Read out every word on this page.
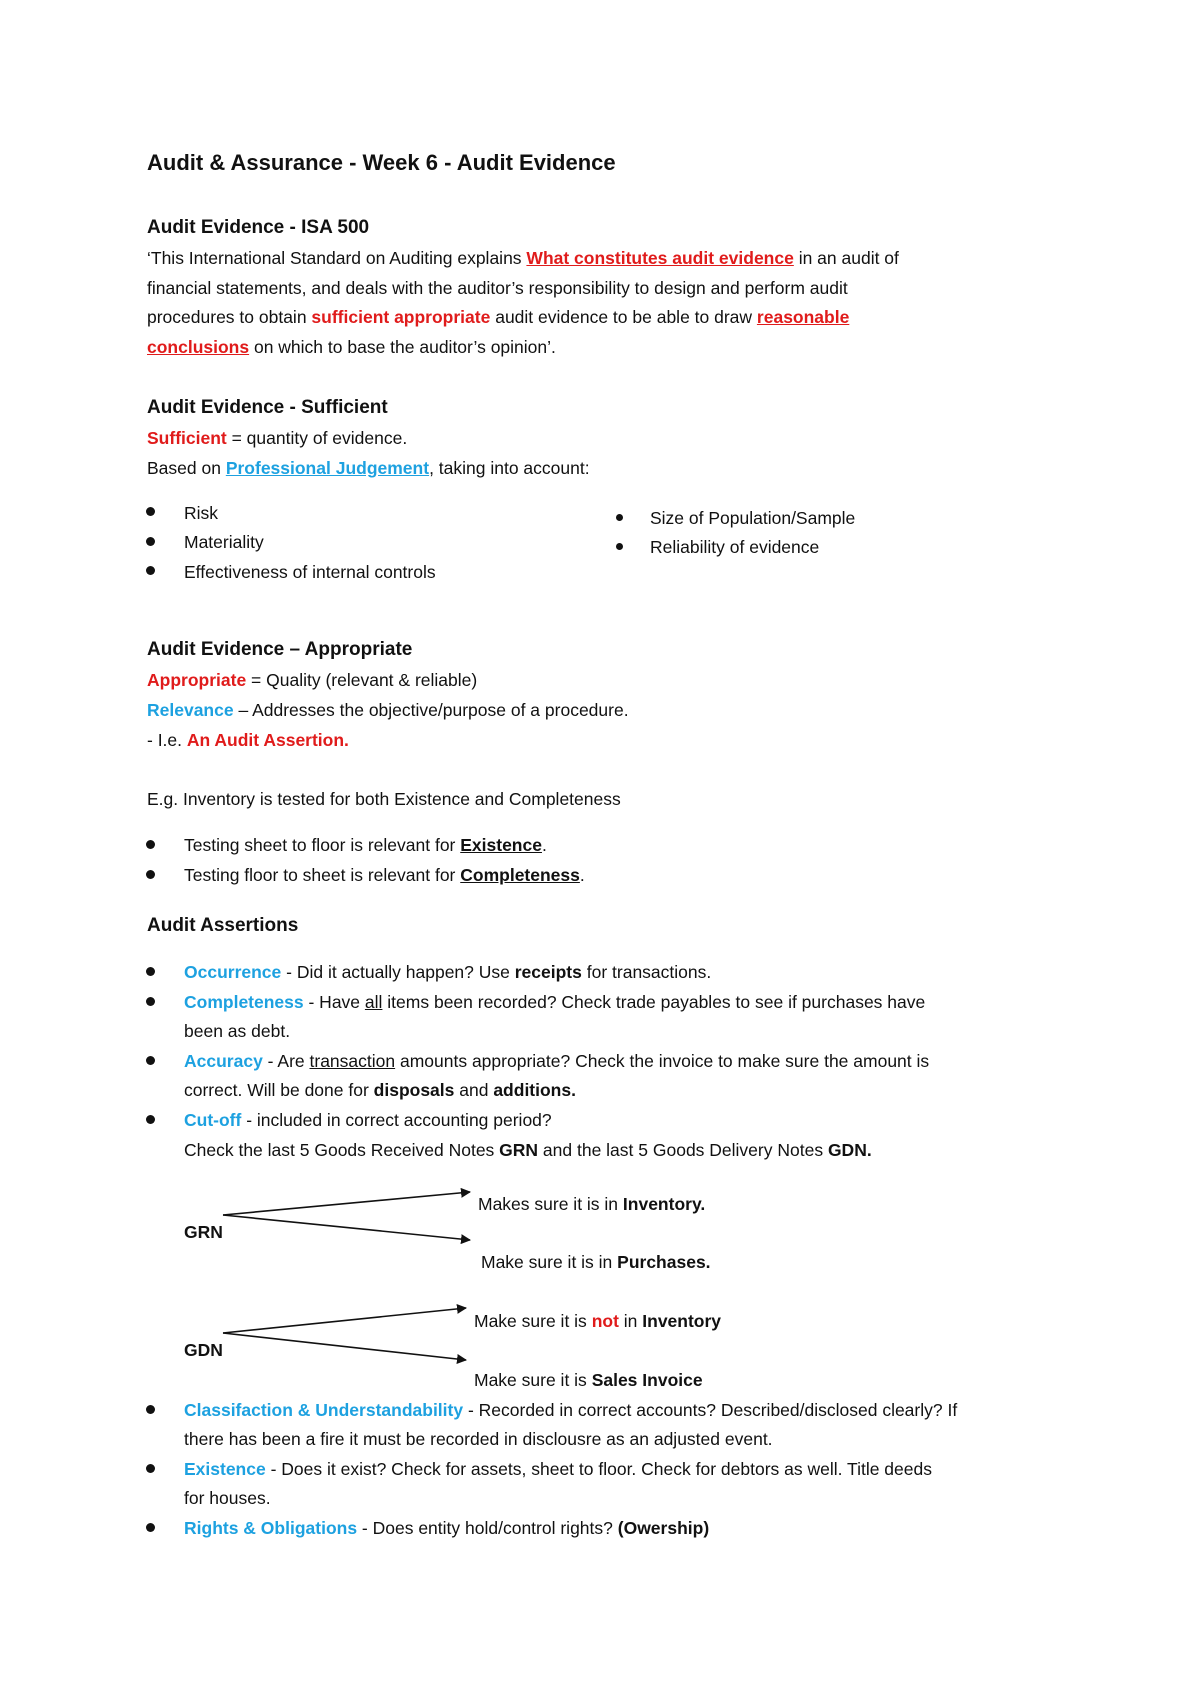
Audit & Assurance - Week 6 - Audit Evidence
Audit Evidence - ISA 500
‘This International Standard on Auditing explains What constitutes audit evidence in an audit of
financial statements, and deals with the auditor’s responsibility to design and perform audit
procedures to obtain sufficient appropriate audit evidence to be able to draw reasonable
conclusions on which to base the auditor’s opinion’.
Audit Evidence - Sufficient
Sufficient = quantity of evidence.
Based on Professional Judgement, taking into account:
Risk
Materiality
Effectiveness of internal controls
Size of Population/Sample
Reliability of evidence
Audit Evidence – Appropriate
Appropriate = Quality (relevant & reliable)
Relevance – Addresses the objective/purpose of a procedure.
- I.e. An Audit Assertion.
E.g. Inventory is tested for both Existence and Completeness
Testing sheet to floor is relevant for Existence.
Testing floor to sheet is relevant for Completeness.
Audit Assertions
Occurrence - Did it actually happen? Use receipts for transactions.
Completeness - Have all items been recorded? Check trade payables to see if purchases have
been as debt.
Accuracy - Are transaction amounts appropriate? Check the invoice to make sure the amount is
correct. Will be done for disposals and additions.
Cut-off - included in correct accounting period?
Check the last 5 Goods Received Notes GRN and the last 5 Goods Delivery Notes GDN.
GRN
Makes sure it is in Inventory.
Make sure it is in Purchases.
GDN
Make sure it is not in Inventory
Make sure it is Sales Invoice
Classifaction & Understandability - Recorded in correct accounts? Described/disclosed clearly? If
there has been a fire it must be recorded in disclousre as an adjusted event.
Existence - Does it exist? Check for assets, sheet to floor. Check for debtors as well. Title deeds
for houses.
Rights & Obligations - Does entity hold/control rights? (Owership)
